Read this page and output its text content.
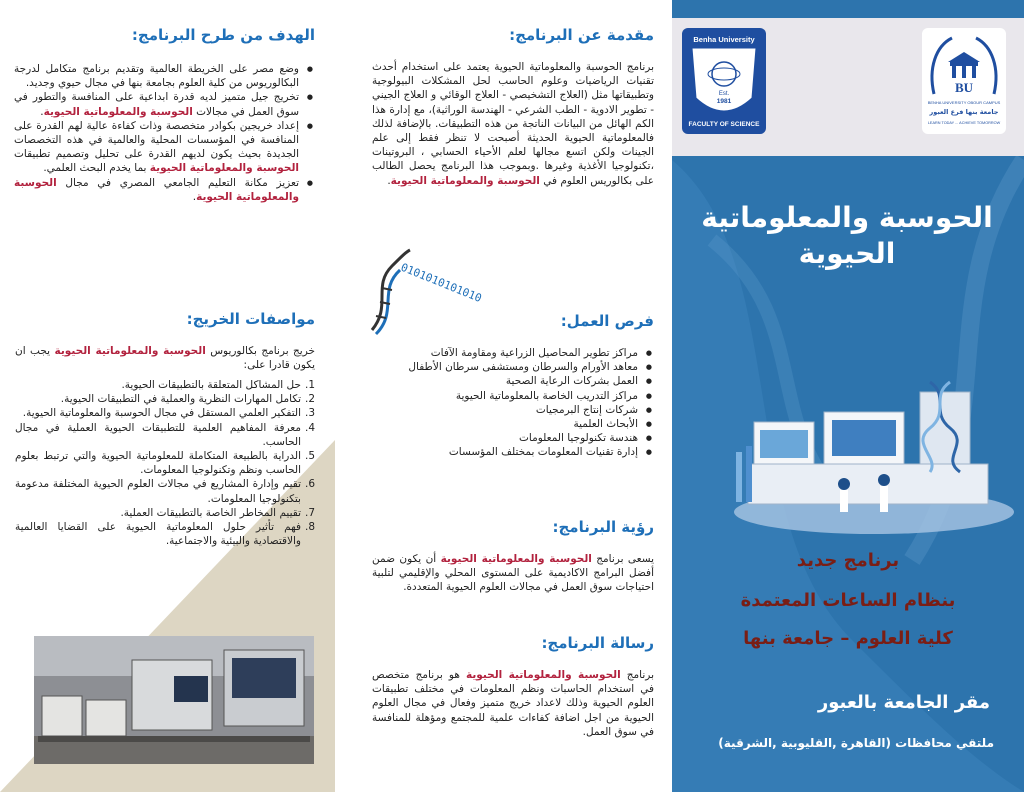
الهدف من طرح البرنامج:
● وضع مصر على الخريطة العالمية وتقديم برنامج متكامل لدرجة البكالوريوس من كلية العلوم بجامعة بنها في مجال حيوي وجديد.
● تخريج جيل متميز لديه قدرة ابداعية على المنافسة والتطور في سوق العمل في مجالات الحوسبة والمعلوماتية الحيوية.
● إعداد خريجين بكوادر متخصصة وذات كفاءة عالية لهم القدرة على المنافسة في المؤسسات المحلية والعالمية في هذه التخصصات الجديدة بحيث يكون لديهم القدرة على تحليل وتصميم تطبيقات الحوسبة والمعلوماتية الحيوية بما يخدم البحث العلمي.
● تعزيز مكانة التعليم الجامعي المصري في مجال الحوسبة والمعلوماتية الحيوية.
مواصفات الخريج:

خريج برنامج بكالوريوس الحوسبة والمعلوماتية الحيوية يجب ان يكون قادرا على:

1.
حل المشاكل المتعلقة بالتطبيقات الحيوية.
2.
تكامل المهارات النظرية والعملية في التطبيقات الحيوية.
3.
التفكير العلمي المستقل في مجال الحوسبة والمعلوماتية الحيوية.
4.
معرفة المفاهيم العلمية للتطبيقات الحيوية العملية في مجال الحاسب.
5.
الدراية بالطبيعة المتكاملة للمعلوماتية الحيوية والتي ترتبط بعلوم الحاسب ونظم وتكنولوجيا المعلومات.
6.
تقيم وإدارة المشاريع في مجالات العلوم الحيوية المختلفة مدعومة بتكنولوجيا المعلومات.
7.
تقييم المخاطر الخاصة بالتطبيقات العملية.
8.
فهم تأثير حلول المعلوماتية الحيوية على القضايا العالمية والاقتصادية والبيئية والاجتماعية.
مقدمة عن البرنامج:

برنامج الحوسبة والمعلوماتية الحيوية يعتمد على استخدام أحدث تقنيات الرياضيات وعلوم الحاسب لحل المشكلات البيولوجية وتطبيقاتها مثل (العلاج التشخيصي - العلاج الوقائي و العلاج الجيني - تطوير الادوية - الطب الشرعي - الهندسة الوراثية)، مع إدارة هذا الكم الهائل من البيانات الناتجة من هذه التطبيقات. بالإضافة لذلك فالمعلوماتية الحيوية الحديثة أصبحت لا تنظر فقط إلى علم الجينات ولكن اتسع مجالها لعلم الأحياء الحسابي ، البروتينات ،تكنولوجيا الأغذية وغيرها .وبموجب هذا البرنامج يحصل الطالب على بكالوريس العلوم في الحوسبة والمعلوماتية الحيوية.

0101010101010
فرص العمل:
● مراكز تطوير المحاصيل الزراعية ومقاومة الآفات
● معاهد الأورام والسرطان ومستشفى سرطان الأطفال
● العمل بشركات الرعاية الصحية
● مراكز التدريب الخاصة بالمعلوماتية الحيوية
● شركات إنتاج البرمجيات
● الأبحاث العلمية
● هندسة تكنولوجيا المعلومات
● إدارة تقنيات المعلومات بمختلف المؤسسات
رؤية البرنامج:

يسعى برنامج الحوسبة والمعلوماتية الحيوية أن يكون ضمن أفضل البرامج الاكاديمية على المستوى المحلي والإقليمي لتلبية احتياجات سوق العمل في مجالات العلوم الحيوية المتعددة.

رسالة البرنامج:

برنامج الحوسبة والمعلوماتية الحيوية هو برنامج متخصص في استخدام الحاسبات ونظم المعلومات في مختلف تطبيقات العلوم الحيوية وذلك لاعداد خريج متميز وفعال في مجال العلوم الحيوية من اجل اضافة كفاءات علمية للمجتمع ومؤهلة للمنافسة في سوق العمل.

Benha University
Est.
1981
FACULTY OF SCIENCE
BU
BENHA UNIVERSITY OBOUR CAMPUS
جامعة بنها فرع العبور
LEARN TODAY ... ACHIEVE TOMORROW
الحوسبة والمعلوماتية
الحيوية
برنامج جديد
بنظام الساعات المعتمدة
كلية العلوم – جامعة بنها
مقر الجامعة بالعبور
ملتقي محافظات (القاهرة ,القليوبية ,الشرقية)
